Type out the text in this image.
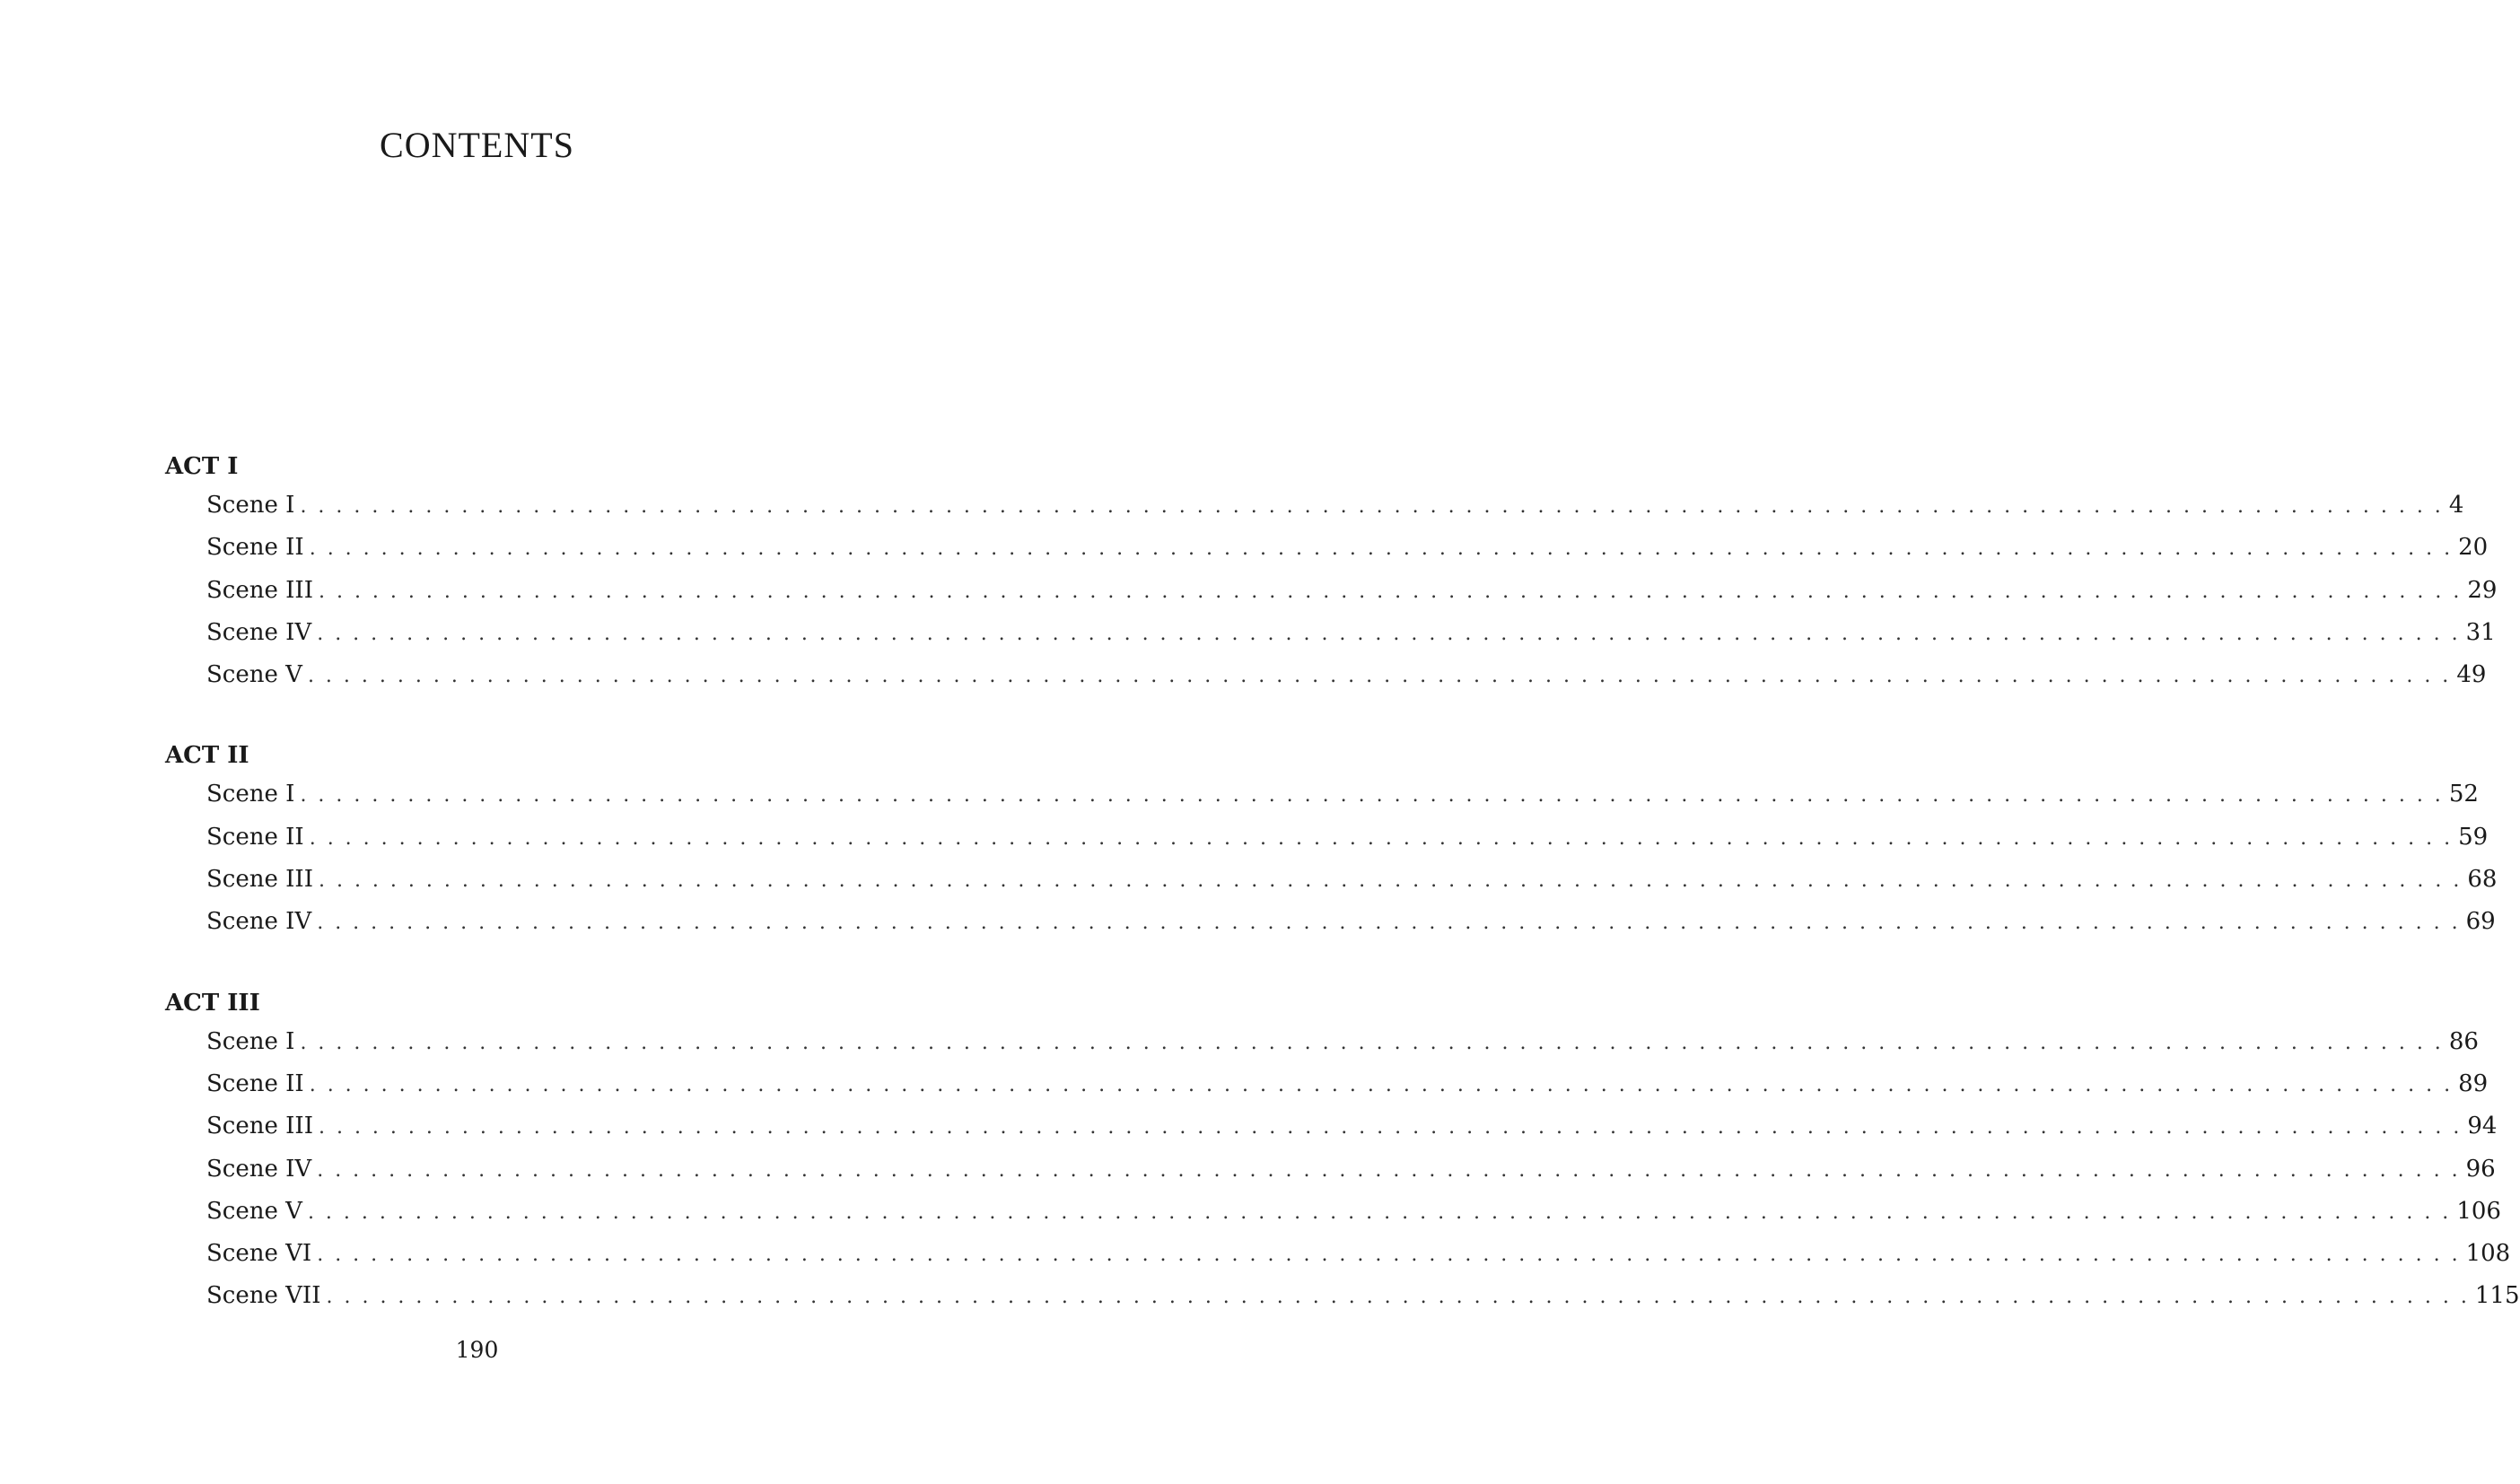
CONTENTS
ACT I
Scene I . . . . . . . . . . . . . . . . . . . . . . . . . . . . . . . . . . . . . . . . . . . . . . . . . . . . . . . . . . . . . . . . . . . . . . . . . . . . . . . . . . . . . . . . . . . . . . . . . . . . . . . . . . . . . . . . . . . . . . . . 4
Scene II . . . . . . . . . . . . . . . . . . . . . . . . . . . . . . . . . . . . . . . . . . . . . . . . . . . . . . . . . . . . . . . . . . . . . . . . . . . . . . . . . . . . . . . . . . . . . . . . . . . . . . . . . . . . . . . . . . . . . . . . 20
Scene III . . . . . . . . . . . . . . . . . . . . . . . . . . . . . . . . . . . . . . . . . . . . . . . . . . . . . . . . . . . . . . . . . . . . . . . . . . . . . . . . . . . . . . . . . . . . . . . . . . . . . . . . . . . . . . . . . . . . . . . . 29
Scene IV . . . . . . . . . . . . . . . . . . . . . . . . . . . . . . . . . . . . . . . . . . . . . . . . . . . . . . . . . . . . . . . . . . . . . . . . . . . . . . . . . . . . . . . . . . . . . . . . . . . . . . . . . . . . . . . . . . . . . . . . 31
Scene V . . . . . . . . . . . . . . . . . . . . . . . . . . . . . . . . . . . . . . . . . . . . . . . . . . . . . . . . . . . . . . . . . . . . . . . . . . . . . . . . . . . . . . . . . . . . . . . . . . . . . . . . . . . . . . . . . . . . . . . . 49
ACT II
Scene I . . . . . . . . . . . . . . . . . . . . . . . . . . . . . . . . . . . . . . . . . . . . . . . . . . . . . . . . . . . . . . . . . . . . . . . . . . . . . . . . . . . . . . . . . . . . . . . . . . . . . . . . . . . . . . . . . . . . . . . . 52
Scene II . . . . . . . . . . . . . . . . . . . . . . . . . . . . . . . . . . . . . . . . . . . . . . . . . . . . . . . . . . . . . . . . . . . . . . . . . . . . . . . . . . . . . . . . . . . . . . . . . . . . . . . . . . . . . . . . . . . . . . . . 59
Scene III . . . . . . . . . . . . . . . . . . . . . . . . . . . . . . . . . . . . . . . . . . . . . . . . . . . . . . . . . . . . . . . . . . . . . . . . . . . . . . . . . . . . . . . . . . . . . . . . . . . . . . . . . . . . . . . . . . . . . . . . 68
Scene IV . . . . . . . . . . . . . . . . . . . . . . . . . . . . . . . . . . . . . . . . . . . . . . . . . . . . . . . . . . . . . . . . . . . . . . . . . . . . . . . . . . . . . . . . . . . . . . . . . . . . . . . . . . . . . . . . . . . . . . . . 69
ACT III
Scene I . . . . . . . . . . . . . . . . . . . . . . . . . . . . . . . . . . . . . . . . . . . . . . . . . . . . . . . . . . . . . . . . . . . . . . . . . . . . . . . . . . . . . . . . . . . . . . . . . . . . . . . . . . . . . . . . . . . . . . . . 86
Scene II . . . . . . . . . . . . . . . . . . . . . . . . . . . . . . . . . . . . . . . . . . . . . . . . . . . . . . . . . . . . . . . . . . . . . . . . . . . . . . . . . . . . . . . . . . . . . . . . . . . . . . . . . . . . . . . . . . . . . . . . 89
Scene III . . . . . . . . . . . . . . . . . . . . . . . . . . . . . . . . . . . . . . . . . . . . . . . . . . . . . . . . . . . . . . . . . . . . . . . . . . . . . . . . . . . . . . . . . . . . . . . . . . . . . . . . . . . . . . . . . . . . . . . . 94
Scene IV . . . . . . . . . . . . . . . . . . . . . . . . . . . . . . . . . . . . . . . . . . . . . . . . . . . . . . . . . . . . . . . . . . . . . . . . . . . . . . . . . . . . . . . . . . . . . . . . . . . . . . . . . . . . . . . . . . . . . . . . 96
Scene V . . . . . . . . . . . . . . . . . . . . . . . . . . . . . . . . . . . . . . . . . . . . . . . . . . . . . . . . . . . . . . . . . . . . . . . . . . . . . . . . . . . . . . . . . . . . . . . . . . . . . . . . . . . . . . . . . . . . . . . . 106
Scene VI . . . . . . . . . . . . . . . . . . . . . . . . . . . . . . . . . . . . . . . . . . . . . . . . . . . . . . . . . . . . . . . . . . . . . . . . . . . . . . . . . . . . . . . . . . . . . . . . . . . . . . . . . . . . . . . . . . . . . . . . 108
Scene VII . . . . . . . . . . . . . . . . . . . . . . . . . . . . . . . . . . . . . . . . . . . . . . . . . . . . . . . . . . . . . . . . . . . . . . . . . . . . . . . . . . . . . . . . . . . . . . . . . . . . . . . . . . . . . . . . . . . . . . . . 115
190
